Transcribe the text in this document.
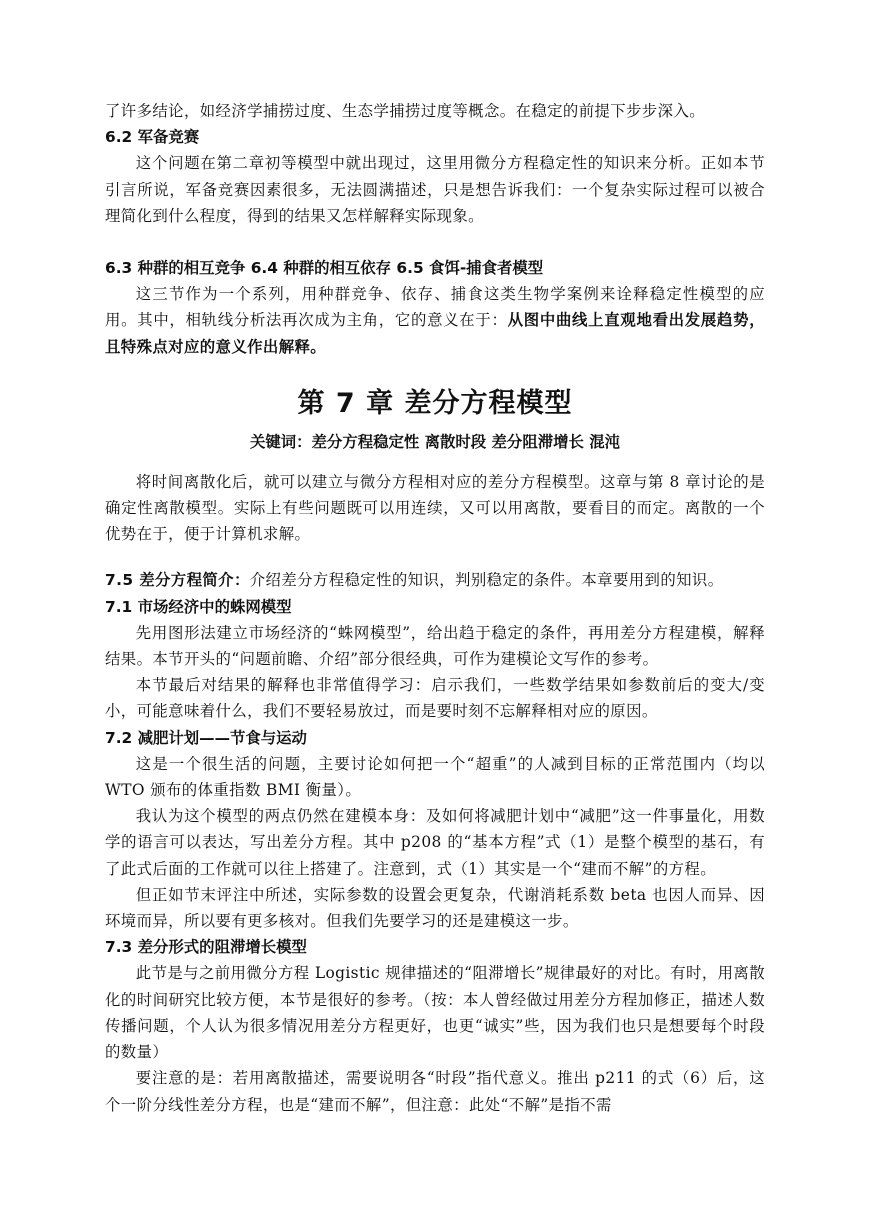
了许多结论，如经济学捕捞过度、生态学捕捞过度等概念。在稳定的前提下步步深入。

6.2 军备竞赛

这个问题在第二章初等模型中就出现过，这里用微分方程稳定性的知识来分析。正如本节引言所说，军备竞赛因素很多，无法圆满描述，只是想告诉我们：一个复杂实际过程可以被合理简化到什么程度，得到的结果又怎样解释实际现象。

6.3 种群的相互竞争 6.4 种群的相互依存 6.5 食饵-捕食者模型

这三节作为一个系列，用种群竞争、依存、捕食这类生物学案例来诠释稳定性模型的应用。其中，相轨线分析法再次成为主角，它的意义在于：从图中曲线上直观地看出发展趋势，且特殊点对应的意义作出解释。

第 7 章 差分方程模型

关键词：差分方程稳定性 离散时段 差分阻滞增长 混沌

将时间离散化后，就可以建立与微分方程相对应的差分方程模型。这章与第 8 章讨论的是确定性离散模型。实际上有些问题既可以用连续，又可以用离散，要看目的而定。离散的一个优势在于，便于计算机求解。

7.5 差分方程简介：介绍差分方程稳定性的知识，判别稳定的条件。本章要用到的知识。

7.1 市场经济中的蛛网模型

先用图形法建立市场经济的“蛛网模型”，给出趋于稳定的条件，再用差分方程建模，解释结果。本节开头的“问题前瞻、介绍”部分很经典，可作为建模论文写作的参考。

本节最后对结果的解释也非常值得学习：启示我们，一些数学结果如参数前后的变大/变小，可能意味着什么，我们不要轻易放过，而是要时刻不忘解释相对应的原因。

7.2 减肥计划——节食与运动

这是一个很生活的问题，主要讨论如何把一个“超重”的人减到目标的正常范围内（均以 WTO 颁布的体重指数 BMI 衡量）。

我认为这个模型的两点仍然在建模本身：及如何将减肥计划中“减肥”这一件事量化，用数学的语言可以表达，写出差分方程。其中 p208 的“基本方程”式（1）是整个模型的基石，有了此式后面的工作就可以往上搭建了。注意到，式（1）其实是一个“建而不解”的方程。

但正如节末评注中所述，实际参数的设置会更复杂，代谢消耗系数 beta 也因人而异、因环境而异，所以要有更多核对。但我们先要学习的还是建模这一步。

7.3 差分形式的阻滞增长模型

此节是与之前用微分方程 Logistic 规律描述的“阻滞增长”规律最好的对比。有时，用离散化的时间研究比较方便，本节是很好的参考。（按：本人曾经做过用差分方程加修正，描述人数传播问题，个人认为很多情况用差分方程更好，也更“诚实”些，因为我们也只是想要每个时段的数量）

要注意的是：若用离散描述，需要说明各“时段”指代意义。推出 p211 的式（6）后，这个一阶分线性差分方程，也是“建而不解”，但注意：此处“不解”是指不需
